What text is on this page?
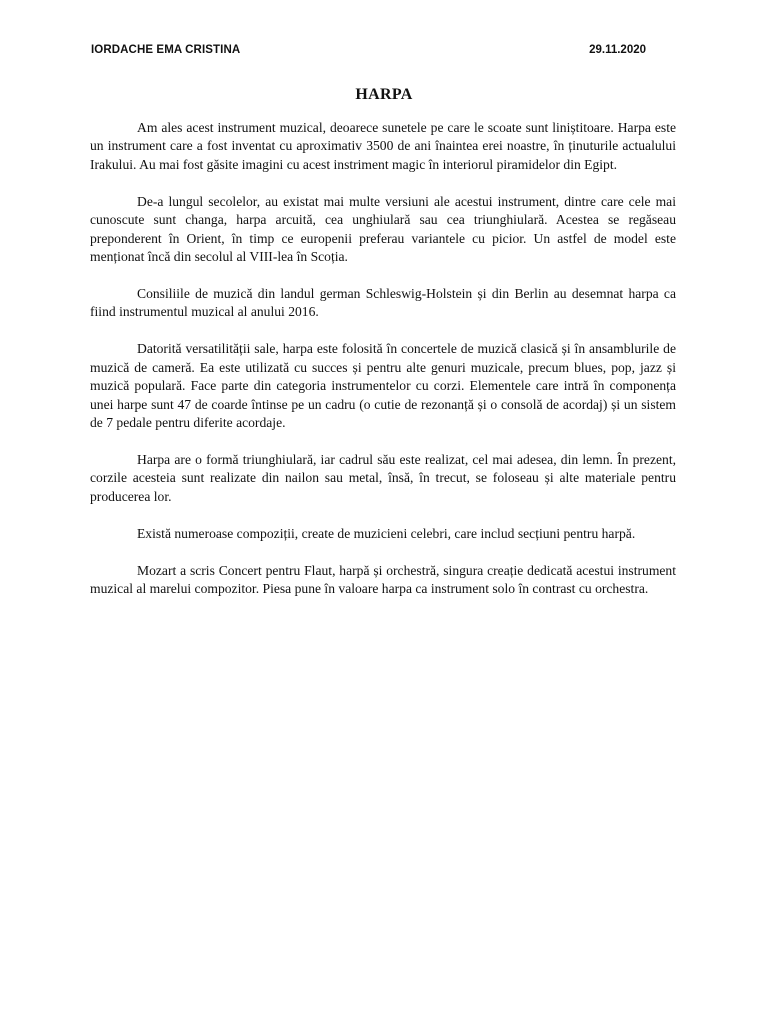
IORDACHE EMA CRISTINA	29.11.2020
HARPA

Am ales acest instrument muzical, deoarece sunetele pe care le scoate sunt liniștitoare. Harpa este un instrument care a fost inventat cu aproximativ 3500 de ani înaintea erei noastre, în ținuturile actualului Irakului. Au mai fost găsite imagini cu acest instriment magic în interiorul piramidelor din Egipt.

De-a lungul secolelor, au existat mai multe versiuni ale acestui instrument, dintre care cele mai cunoscute sunt changa, harpa arcuită, cea unghiulară sau cea triunghiulară. Acestea se regăseau preponderent în Orient, în timp ce europenii preferau variantele cu picior. Un astfel de model este menționat încă din secolul al VIII-lea în Scoția.

Consiliile de muzică din landul german Schleswig-Holstein și din Berlin au desemnat harpa ca fiind instrumentul muzical al anului 2016.

Datorită versatilității sale, harpa este folosită în concertele de muzică clasică și în ansamblurile de muzică de cameră. Ea este utilizată cu succes și pentru alte genuri muzicale, precum blues, pop, jazz și muzică populară. Face parte din categoria instrumentelor cu corzi. Elementele care intră în componența unei harpe sunt 47 de coarde întinse pe un cadru (o cutie de rezonanță și o consolă de acordaj) și un sistem de 7 pedale pentru diferite acordaje.

Harpa are o formă triunghiulară, iar cadrul său este realizat, cel mai adesea, din lemn. În prezent, corzile acesteia sunt realizate din nailon sau metal, însă, în trecut, se foloseau și alte materiale pentru producerea lor.

Există numeroase compoziții, create de muzicieni celebri, care includ secțiuni pentru harpă.

Mozart a scris Concert pentru Flaut, harpă și orchestră, singura creație dedicată acestui instrument muzical al marelui compozitor. Piesa pune în valoare harpa ca instrument solo în contrast cu orchestra.
